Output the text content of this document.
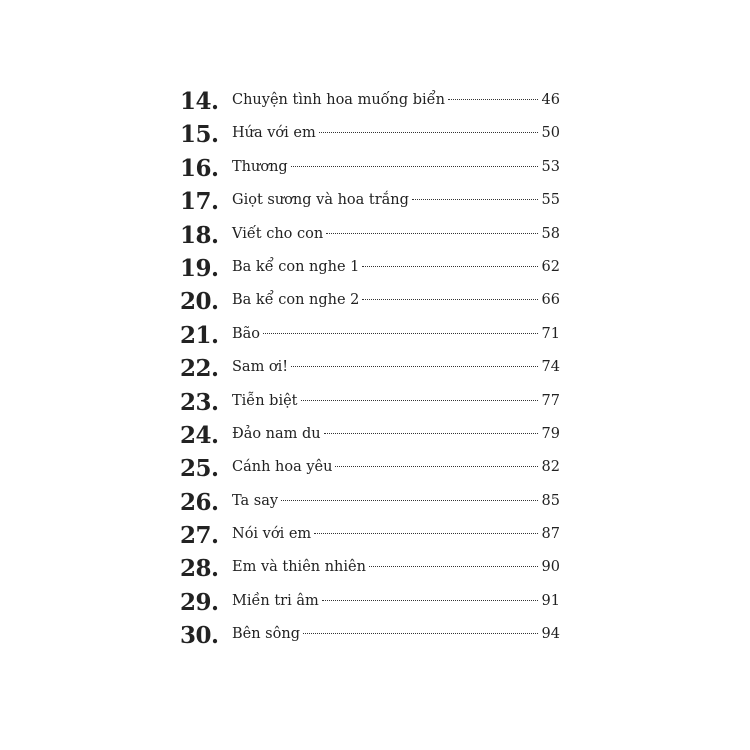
14. Chuyện tình hoa muống biển	46
15. Hứa với em	50
16. Thương	53
17. Giọt sương và hoa trắng	55
18. Viết cho con	58
19. Ba kể con nghe 1	62
20. Ba kể con nghe 2	66
21. Bão	71
22. Sam ơi!	74
23. Tiễn biệt	77
24. Đảo nam du	79
25. Cánh hoa yêu	82
26. Ta say	85
27. Nói với em	87
28. Em và thiên nhiên	90
29. Miền tri âm	91
30. Bên sông	94
